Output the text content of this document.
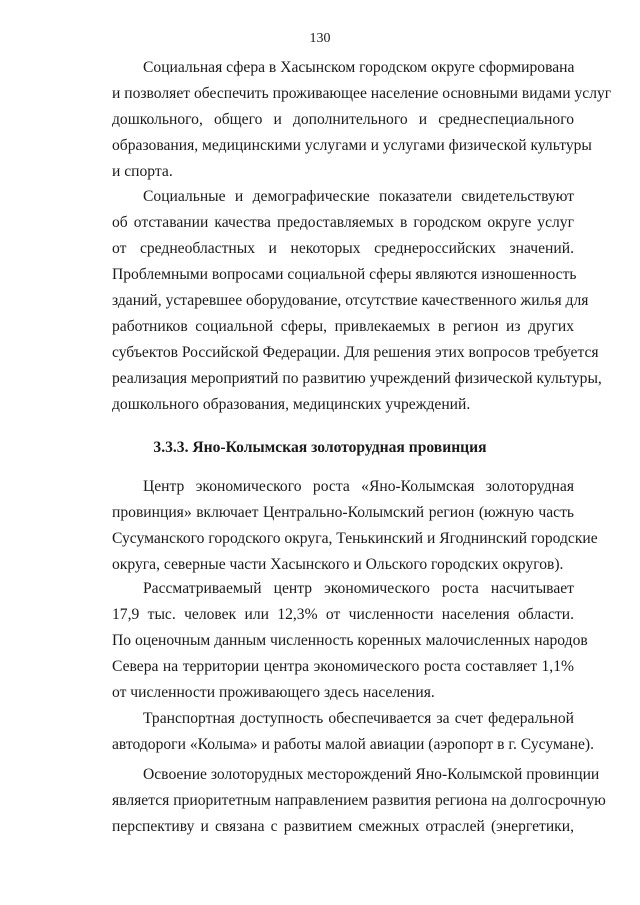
130
Социальная сфера в Хасынском городском округе сформирована
и позволяет обеспечить проживающее население основными видами услуг
дошкольного, общего и дополнительного и среднеспециального
образования, медицинскими услугами и услугами физической культуры
и спорта.
Социальные и демографические показатели свидетельствуют
об отставании качества предоставляемых в городском округе услуг
от среднеобластных и некоторых среднероссийских значений.
Проблемными вопросами социальной сферы являются изношенность
зданий, устаревшее оборудование, отсутствие качественного жилья для
работников социальной сферы, привлекаемых в регион из других
субъектов Российской Федерации. Для решения этих вопросов требуется
реализация мероприятий по развитию учреждений физической культуры,
дошкольного образования, медицинских учреждений.
3.3.3. Яно-Колымская золоторудная провинция
Центр экономического роста «Яно-Колымская золоторудная
провинция» включает Центрально-Колымский регион (южную часть
Сусуманского городского округа, Тенькинский и Ягоднинский городские
округа, северные части Хасынского и Ольского городских округов).
Рассматриваемый центр экономического роста насчитывает
17,9 тыс. человек или 12,3% от численности населения области.
По оценочным данным численность коренных малочисленных народов
Севера на территории центра экономического роста составляет 1,1%
от численности проживающего здесь населения.
Транспортная доступность обеспечивается за счет федеральной
автодороги «Колыма» и работы малой авиации (аэропорт в г. Сусумане).
Освоение золоторудных месторождений Яно-Колымской провинции
является приоритетным направлением развития региона на долгосрочную
перспективу и связана с развитием смежных отраслей (энергетики,
